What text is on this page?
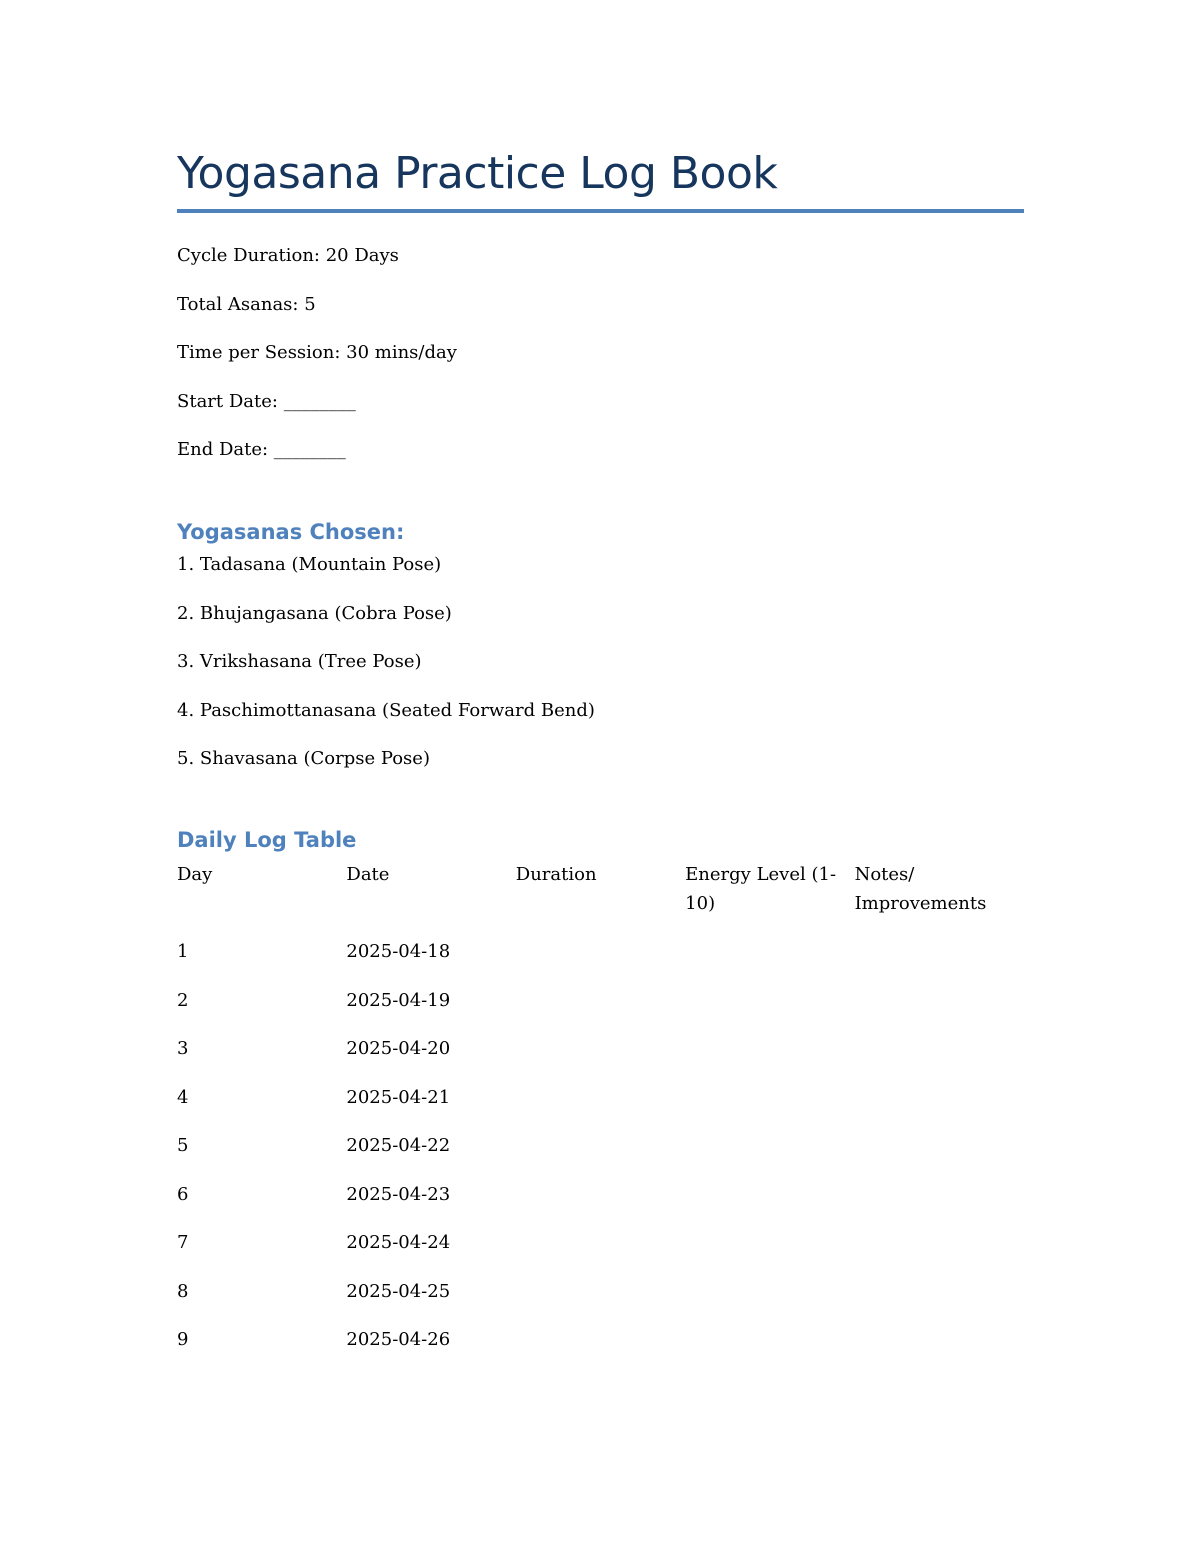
Yogasana Practice Log Book
Cycle Duration: 20 Days
Total Asanas: 5
Time per Session: 30 mins/day
Start Date: ________
End Date: ________
Yogasanas Chosen:
1. Tadasana (Mountain Pose)
2. Bhujangasana (Cobra Pose)
3. Vrikshasana (Tree Pose)
4. Paschimottanasana (Seated Forward Bend)
5. Shavasana (Corpse Pose)
Daily Log Table
Day	Date	Duration	Energy Level (1-10)	Notes/ Improvements
1	2025-04-18			
2	2025-04-19			
3	2025-04-20			
4	2025-04-21			
5	2025-04-22			
6	2025-04-23			
7	2025-04-24			
8	2025-04-25			
9	2025-04-26			
